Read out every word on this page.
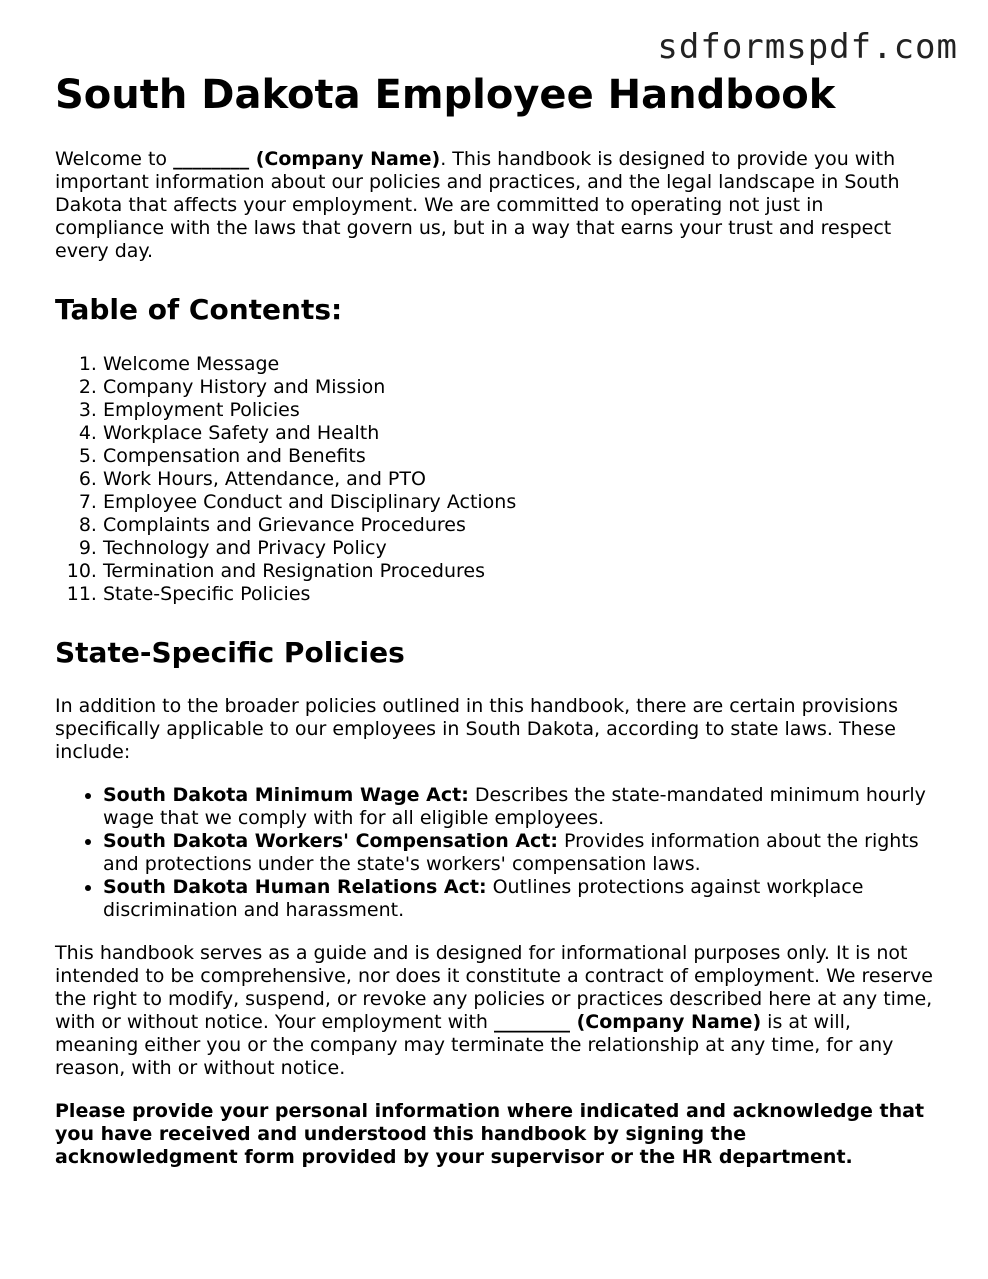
sdformspdf.com
South Dakota Employee Handbook

Welcome to ________ (Company Name). This handbook is designed to provide you with important information about our policies and practices, and the legal landscape in South Dakota that affects your employment. We are committed to operating not just in compliance with the laws that govern us, but in a way that earns your trust and respect every day.

Table of Contents:
1. Welcome Message
2. Company History and Mission
3. Employment Policies
4. Workplace Safety and Health
5. Compensation and Benefits
6. Work Hours, Attendance, and PTO
7. Employee Conduct and Disciplinary Actions
8. Complaints and Grievance Procedures
9. Technology and Privacy Policy
10. Termination and Resignation Procedures
11. State-Specific Policies
State-Specific Policies

In addition to the broader policies outlined in this handbook, there are certain provisions specifically applicable to our employees in South Dakota, according to state laws. These include:

• South Dakota Minimum Wage Act: Describes the state-mandated minimum hourly wage that we comply with for all eligible employees.
• South Dakota Workers' Compensation Act: Provides information about the rights and protections under the state's workers' compensation laws.
• South Dakota Human Relations Act: Outlines protections against workplace discrimination and harassment.

This handbook serves as a guide and is designed for informational purposes only. It is not intended to be comprehensive, nor does it constitute a contract of employment. We reserve the right to modify, suspend, or revoke any policies or practices described here at any time, with or without notice. Your employment with ________ (Company Name) is at will, meaning either you or the company may terminate the relationship at any time, for any reason, with or without notice.

Please provide your personal information where indicated and acknowledge that you have received and understood this handbook by signing the acknowledgment form provided by your supervisor or the HR department.
